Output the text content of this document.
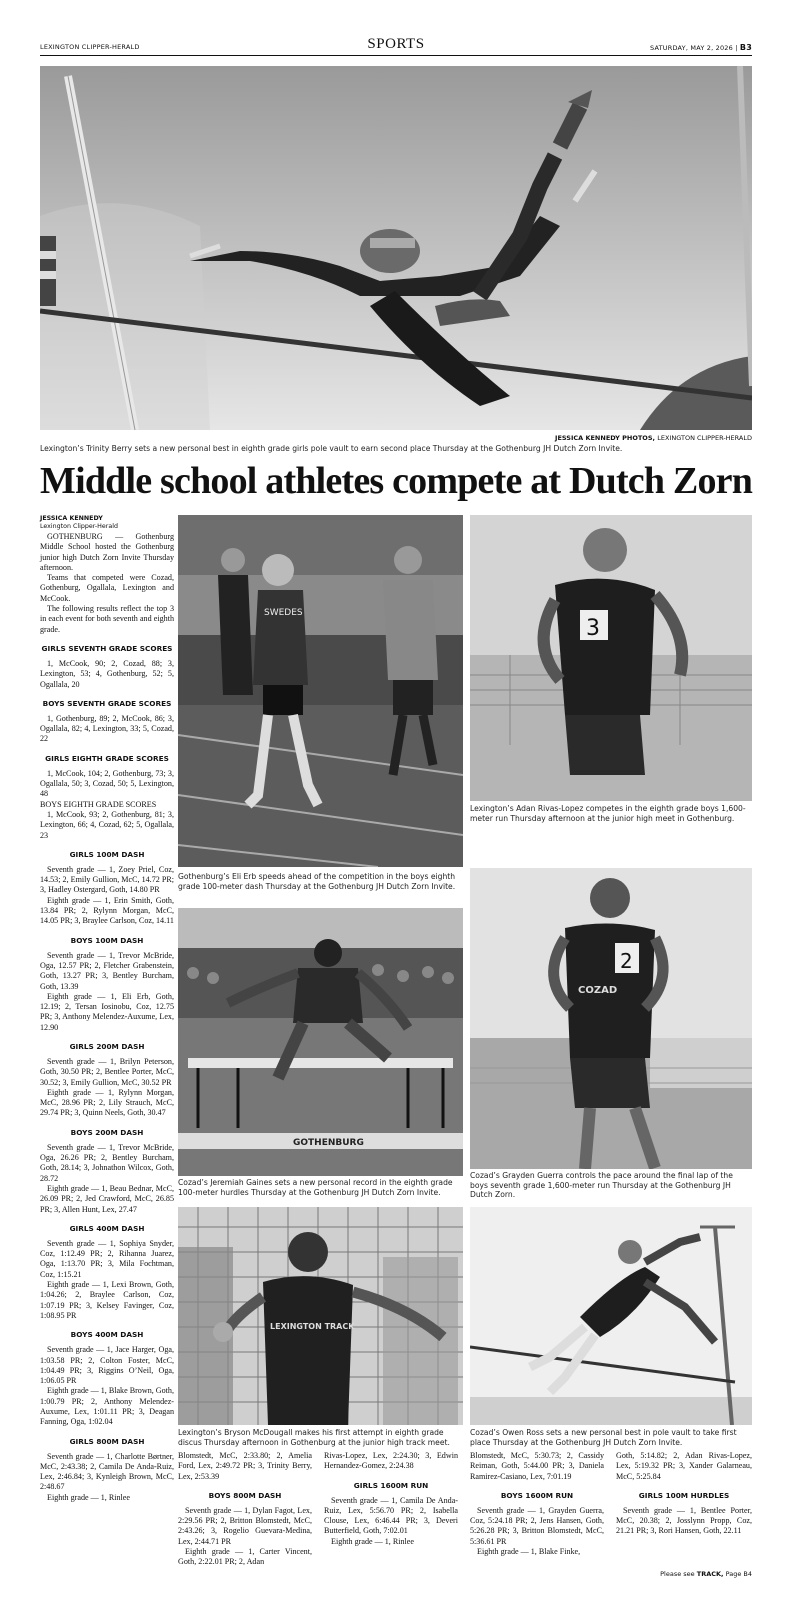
LEXINGTON CLIPPER-HERALD	SPORTS	SATURDAY, MAY 2, 2026 | B3
JESSICA KENNEDY PHOTOS, LEXINGTON CLIPPER-HERALD
Lexington’s Trinity Berry sets a new personal best in eighth grade girls pole vault to earn second place Thursday at the Gothenburg JH Dutch Zorn Invite.
Middle school athletes compete at Dutch Zorn
JESSICA KENNEDY
Lexington Clipper-Herald
SWEDES
Gothenburg’s Eli Erb speeds ahead of the competition in the boys eighth grade 100-meter dash Thursday at the Gothenburg JH Dutch Zorn Invite.
3
Lexington’s Adan Rivas-Lopez competes in the eighth grade boys 1,600-meter run Thursday afternoon at the junior high meet in Gothenburg.
GOTHENBURG
Cozad’s Jeremiah Gaines sets a new personal record in the eighth grade 100-meter hurdles Thursday at the Gothenburg JH Dutch Zorn Invite.
2
COZAD
Cozad’s Grayden Guerra controls the pace around the final lap of the boys seventh grade 1,600-meter run Thursday at the Gothenburg JH Dutch Zorn.
LEXINGTON TRACK
Lexington’s Bryson McDougall makes his first attempt in eighth grade discus Thursday afternoon in Gothenburg at the junior high track meet.
Cozad’s Owen Ross sets a new personal best in pole vault to take first place Thursday at the Gothenburg JH Dutch Zorn Invite.

GOTHENBURG — Gothenburg Middle School hosted the Gothenburg junior high Dutch Zorn Invite Thursday afternoon.

Teams that competed were Cozad, Gothenburg, Ogallala, Lexington and McCook.

The following results reflect the top 3 in each event for both seventh and eighth grade.

GIRLS SEVENTH GRADE SCORES

1, McCook, 90; 2, Cozad, 88; 3, Lexington, 53; 4, Gothenburg, 52; 5, Ogallala, 20

BOYS SEVENTH GRADE SCORES

1, Gothenburg, 89; 2, McCook, 86; 3, Ogallala, 82; 4, Lexington, 33; 5, Cozad, 22

GIRLS EIGHTH GRADE SCORES

1, McCook, 104; 2, Gothenburg, 73; 3, Ogallala, 50; 3, Cozad, 50; 5, Lexington, 48

BOYS EIGHTH GRADE SCORES

1, McCook, 93; 2, Gothenburg, 81; 3, Lexington, 66; 4, Cozad, 62; 5, Ogallala, 23

GIRLS 100M DASH

Seventh grade — 1, Zoey Priel, Coz, 14.53; 2, Emily Gullion, McC, 14.72 PR; 3, Hadley Ostergard, Goth, 14.80 PR

Eighth grade — 1, Erin Smith, Goth, 13.84 PR; 2, Rylynn Morgan, McC, 14.05 PR; 3, Braylee Carlson, Coz, 14.11

BOYS 100M DASH

Seventh grade — 1, Trevor McBride, Oga, 12.57 PR; 2, Fletcher Grabenstein, Goth, 13.27 PR; 3, Bentley Burcham, Goth, 13.39

Eighth grade — 1, Eli Erb, Goth, 12.19; 2, Tersan Iosinobu, Coz, 12.75 PR; 3, Anthony Melendez-Auxume, Lex, 12.90

GIRLS 200M DASH

Seventh grade — 1, Brilyn Peterson, Goth, 30.50 PR; 2, Bentlee Porter, McC, 30.52; 3, Emily Gullion, McC, 30.52 PR

Eighth grade — 1, Rylynn Morgan, McC, 28.96 PR; 2, Lily Strauch, McC, 29.74 PR; 3, Quinn Neels, Goth, 30.47

BOYS 200M DASH

Seventh grade — 1, Trevor McBride, Oga, 26.26 PR; 2, Bentley Burcham, Goth, 28.14; 3, Johnathon Wilcox, Goth, 28.72

Eighth grade — 1, Beau Bednar, McC, 26.09 PR; 2, Jed Crawford, McC, 26.85 PR; 3, Allen Hunt, Lex, 27.47

GIRLS 400M DASH

Seventh grade — 1, Sophiya Snyder, Coz, 1:12.49 PR; 2, Rihanna Juarez, Oga, 1:13.70 PR; 3, Mila Fochtman, Coz, 1:15.21

Eighth grade — 1, Lexi Brown, Goth, 1:04.26; 2, Braylee Carlson, Coz, 1:07.19 PR; 3, Kelsey Favinger, Coz, 1:08.95 PR

BOYS 400M DASH

Seventh grade — 1, Jace Harger, Oga, 1:03.58 PR; 2, Colton Foster, McC, 1:04.49 PR; 3, Riggins O’Neil, Oga, 1:06.05 PR

Eighth grade — 1, Blake Brown, Goth, 1:00.79 PR; 2, Anthony Melendez-Auxume, Lex, 1:01.11 PR; 3, Deagan Fanning, Oga, 1:02.04

GIRLS 800M DASH

Seventh grade — 1, Charlotte Børtner, McC, 2:43.38; 2, Camila De Anda-Ruiz, Lex, 2:46.84; 3, Kynleigh Brown, McC, 2:48.67

Eighth grade — 1, Rinlee

Blomstedt, McC, 2:33.80; 2, Amelia Ford, Lex, 2:49.72 PR; 3, Trinity Berry, Lex, 2:53.39

BOYS 800M DASH

Seventh grade — 1, Dylan Fagot, Lex, 2:29.56 PR; 2, Britton Blomstedt, McC, 2:43.26; 3, Rogelio Guevara-Medina, Lex, 2:44.71 PR

Eighth grade — 1, Carter Vincent, Goth, 2:22.01 PR; 2, Adan

Rivas-Lopez, Lex, 2:24.30; 3, Edwin Hernandez-Gomez, 2:24.38

GIRLS 1600M RUN

Seventh grade — 1, Camila De Anda-Ruiz, Lex, 5:56.70 PR; 2, Isabella Clouse, Lex, 6:46.44 PR; 3, Deveri Butterfield, Goth, 7:02.01

Eighth grade — 1, Rinlee

Blomstedt, McC, 5:30.73; 2, Cassidy Reiman, Goth, 5:44.00 PR; 3, Daniela Ramirez-Casiano, Lex, 7:01.19

BOYS 1600M RUN

Seventh grade — 1, Grayden Guerra, Coz, 5:24.18 PR; 2, Jens Hansen, Goth, 5:26.28 PR; 3, Britton Blomstedt, McC, 5:36.61 PR

Eighth grade — 1, Blake Finke,

Goth, 5:14.82; 2, Adan Rivas-Lopez, Lex, 5:19.32 PR; 3, Xander Galarneau, McC, 5:25.84

GIRLS 100M HURDLES

Seventh grade — 1, Bentlee Porter, McC, 20.38; 2, Josslynn Propp, Coz, 21.21 PR; 3, Rori Hansen, Goth, 22.11

Please see TRACK, Page B4
